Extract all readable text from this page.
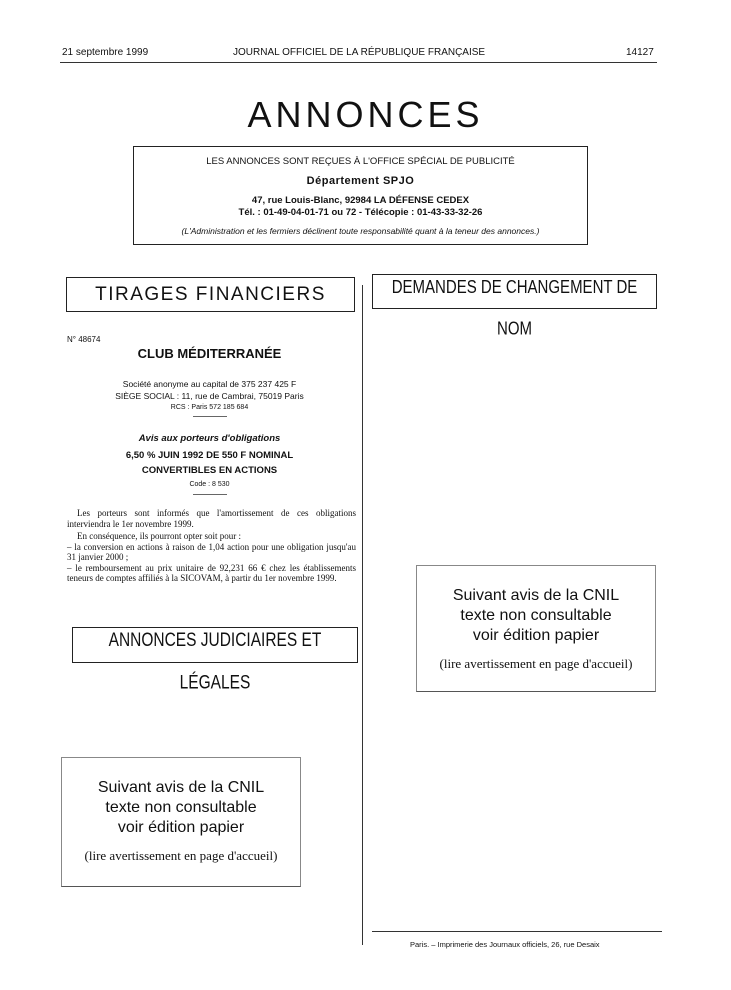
21 septembre 1999	JOURNAL OFFICIEL DE LA RÉPUBLIQUE FRANÇAISE	14127
ANNONCES
LES ANNONCES SONT REÇUES À L'OFFICE SPÉCIAL DE PUBLICITÉ
Département SPJO
47, rue Louis-Blanc, 92984 LA DÉFENSE CEDEX
Tél. : 01-49-04-01-71 ou 72 - Télécopie : 01-43-33-32-26
(L'Administration et les fermiers déclinent toute responsabilité quant à la teneur des annonces.)
TIRAGES FINANCIERS
N° 48674
CLUB MÉDITERRANÉE
Société anonyme au capital de 375 237 425 F
SIÈGE SOCIAL : 11, rue de Cambrai, 75019 Paris
RCS : Paris 572 185 684
Avis aux porteurs d'obligations
6,50 % JUIN 1992 DE 550 F NOMINAL
CONVERTIBLES EN ACTIONS
Code : 8 530

Les porteurs sont informés que l'amortissement de ces obligations interviendra le 1er novembre 1999.

En conséquence, ils pourront opter soit pour :

– la conversion en actions à raison de 1,04 action pour une obligation jusqu'au 31 janvier 2000 ;

– le remboursement au prix unitaire de 92,231 66 € chez les établissements teneurs de comptes affiliés à la SICOVAM, à partir du 1er novembre 1999.

ANNONCES JUDICIAIRES ET LÉGALES
Suivant avis de la CNIL
texte non consultable
voir édition papier
(lire avertissement en page d'accueil)
DEMANDES DE CHANGEMENT DE NOM
Suivant avis de la CNIL
texte non consultable
voir édition papier
(lire avertissement en page d'accueil)
Paris. – Imprimerie des Journaux officiels, 26, rue Desaix
